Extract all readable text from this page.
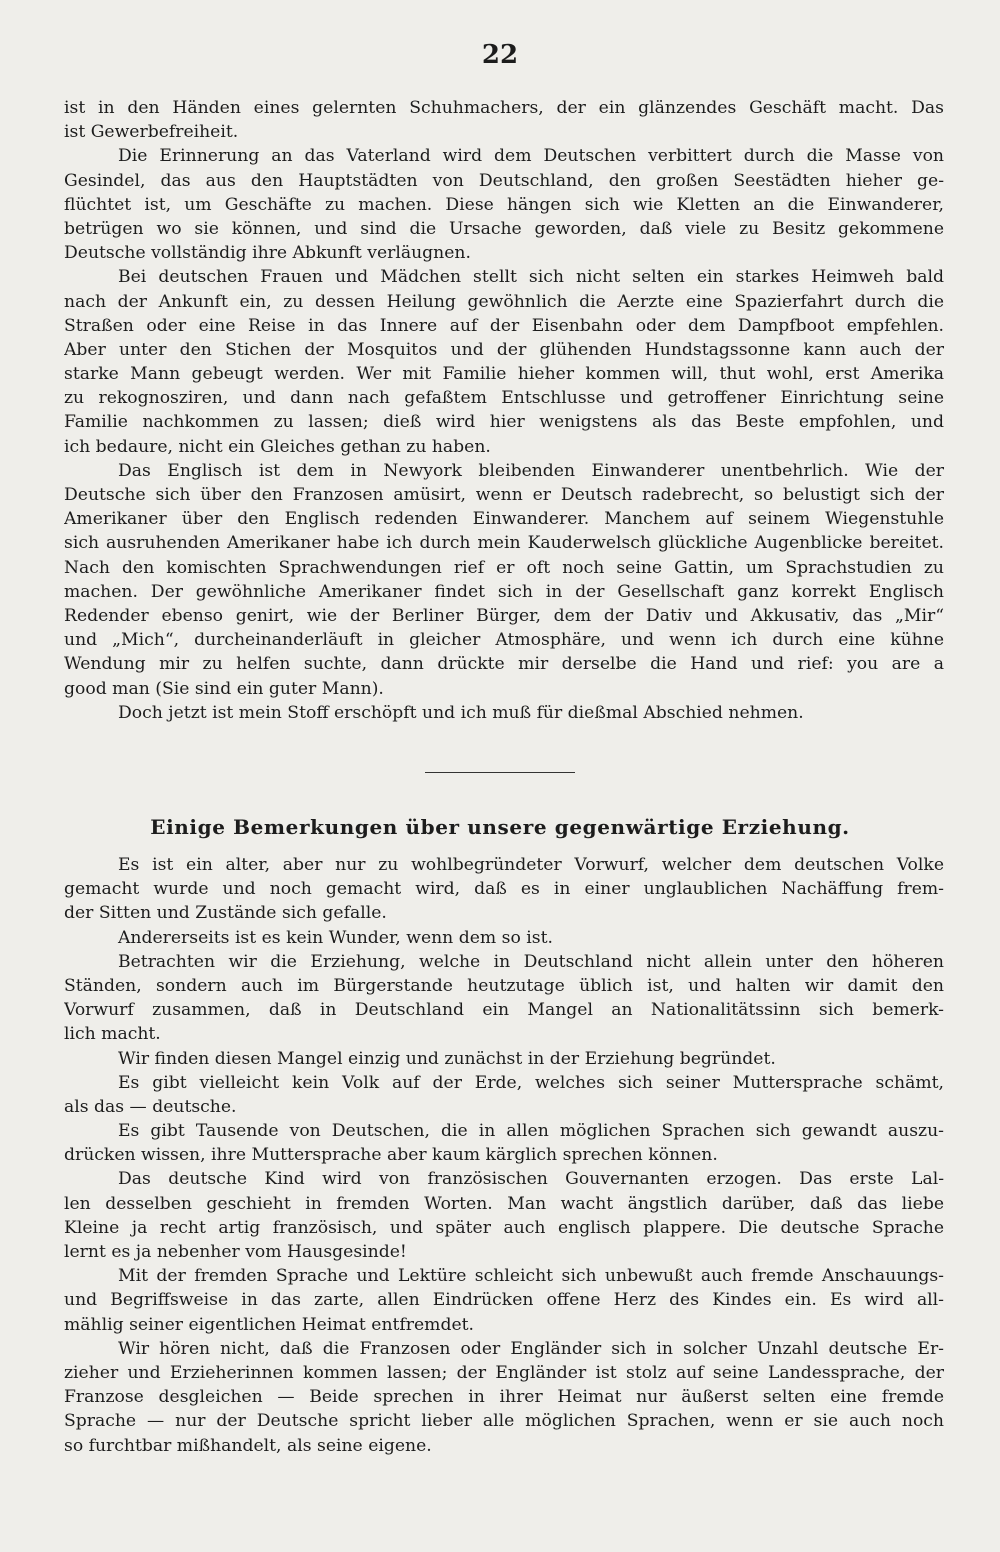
22
ist in den Händen eines gelernten Schuhmachers, der ein glänzendes Geschäft macht. Das
ist Gewerbefreiheit.
Die Erinnerung an das Vaterland wird dem Deutschen verbittert durch die Masse von
Gesindel, das aus den Hauptstädten von Deutschland, den großen Seestädten hieher ge-
flüchtet ist, um Geschäfte zu machen. Diese hängen sich wie Kletten an die Einwanderer,
betrügen wo sie können, und sind die Ursache geworden, daß viele zu Besitz gekommene
Deutsche vollständig ihre Abkunft verläugnen.
Bei deutschen Frauen und Mädchen stellt sich nicht selten ein starkes Heimweh bald
nach der Ankunft ein, zu dessen Heilung gewöhnlich die Aerzte eine Spazierfahrt durch die
Straßen oder eine Reise in das Innere auf der Eisenbahn oder dem Dampfboot empfehlen.
Aber unter den Stichen der Mosquitos und der glühenden Hundstagssonne kann auch der
starke Mann gebeugt werden. Wer mit Familie hieher kommen will, thut wohl, erst Amerika
zu rekognosziren, und dann nach gefaßtem Entschlusse und getroffener Einrichtung seine
Familie nachkommen zu lassen; dieß wird hier wenigstens als das Beste empfohlen, und
ich bedaure, nicht ein Gleiches gethan zu haben.
Das Englisch ist dem in Newyork bleibenden Einwanderer unentbehrlich. Wie der
Deutsche sich über den Franzosen amüsirt, wenn er Deutsch radebrecht, so belustigt sich der
Amerikaner über den Englisch redenden Einwanderer. Manchem auf seinem Wiegenstuhle
sich ausruhenden Amerikaner habe ich durch mein Kauderwelsch glückliche Augenblicke bereitet.
Nach den komischten Sprachwendungen rief er oft noch seine Gattin, um Sprachstudien zu
machen. Der gewöhnliche Amerikaner findet sich in der Gesellschaft ganz korrekt Englisch
Redender ebenso genirt, wie der Berliner Bürger, dem der Dativ und Akkusativ, das „Mir“
und „Mich“, durcheinanderläuft in gleicher Atmosphäre, und wenn ich durch eine kühne
Wendung mir zu helfen suchte, dann drückte mir derselbe die Hand und rief: you are a
good man (Sie sind ein guter Mann).
Doch jetzt ist mein Stoff erschöpft und ich muß für dießmal Abschied nehmen.
Einige Bemerkungen über unsere gegenwärtige Erziehung.
Es ist ein alter, aber nur zu wohlbegründeter Vorwurf, welcher dem deutschen Volke
gemacht wurde und noch gemacht wird, daß es in einer unglaublichen Nachäffung frem-
der Sitten und Zustände sich gefalle.
Andererseits ist es kein Wunder, wenn dem so ist.
Betrachten wir die Erziehung, welche in Deutschland nicht allein unter den höheren
Ständen, sondern auch im Bürgerstande heutzutage üblich ist, und halten wir damit den
Vorwurf zusammen, daß in Deutschland ein Mangel an Nationalitätssinn sich bemerk-
lich macht.
Wir finden diesen Mangel einzig und zunächst in der Erziehung begründet.
Es gibt vielleicht kein Volk auf der Erde, welches sich seiner Muttersprache schämt,
als das — deutsche.
Es gibt Tausende von Deutschen, die in allen möglichen Sprachen sich gewandt auszu-
drücken wissen, ihre Muttersprache aber kaum kärglich sprechen können.
Das deutsche Kind wird von französischen Gouvernanten erzogen. Das erste Lal-
len desselben geschieht in fremden Worten. Man wacht ängstlich darüber, daß das liebe
Kleine ja recht artig französisch, und später auch englisch plappere. Die deutsche Sprache
lernt es ja nebenher vom Hausgesinde!
Mit der fremden Sprache und Lektüre schleicht sich unbewußt auch fremde Anschauungs-
und Begriffsweise in das zarte, allen Eindrücken offene Herz des Kindes ein. Es wird all-
mählig seiner eigentlichen Heimat entfremdet.
Wir hören nicht, daß die Franzosen oder Engländer sich in solcher Unzahl deutsche Er-
zieher und Erzieherinnen kommen lassen; der Engländer ist stolz auf seine Landessprache, der
Franzose desgleichen — Beide sprechen in ihrer Heimat nur äußerst selten eine fremde
Sprache — nur der Deutsche spricht lieber alle möglichen Sprachen, wenn er sie auch noch
so furchtbar mißhandelt, als seine eigene.
